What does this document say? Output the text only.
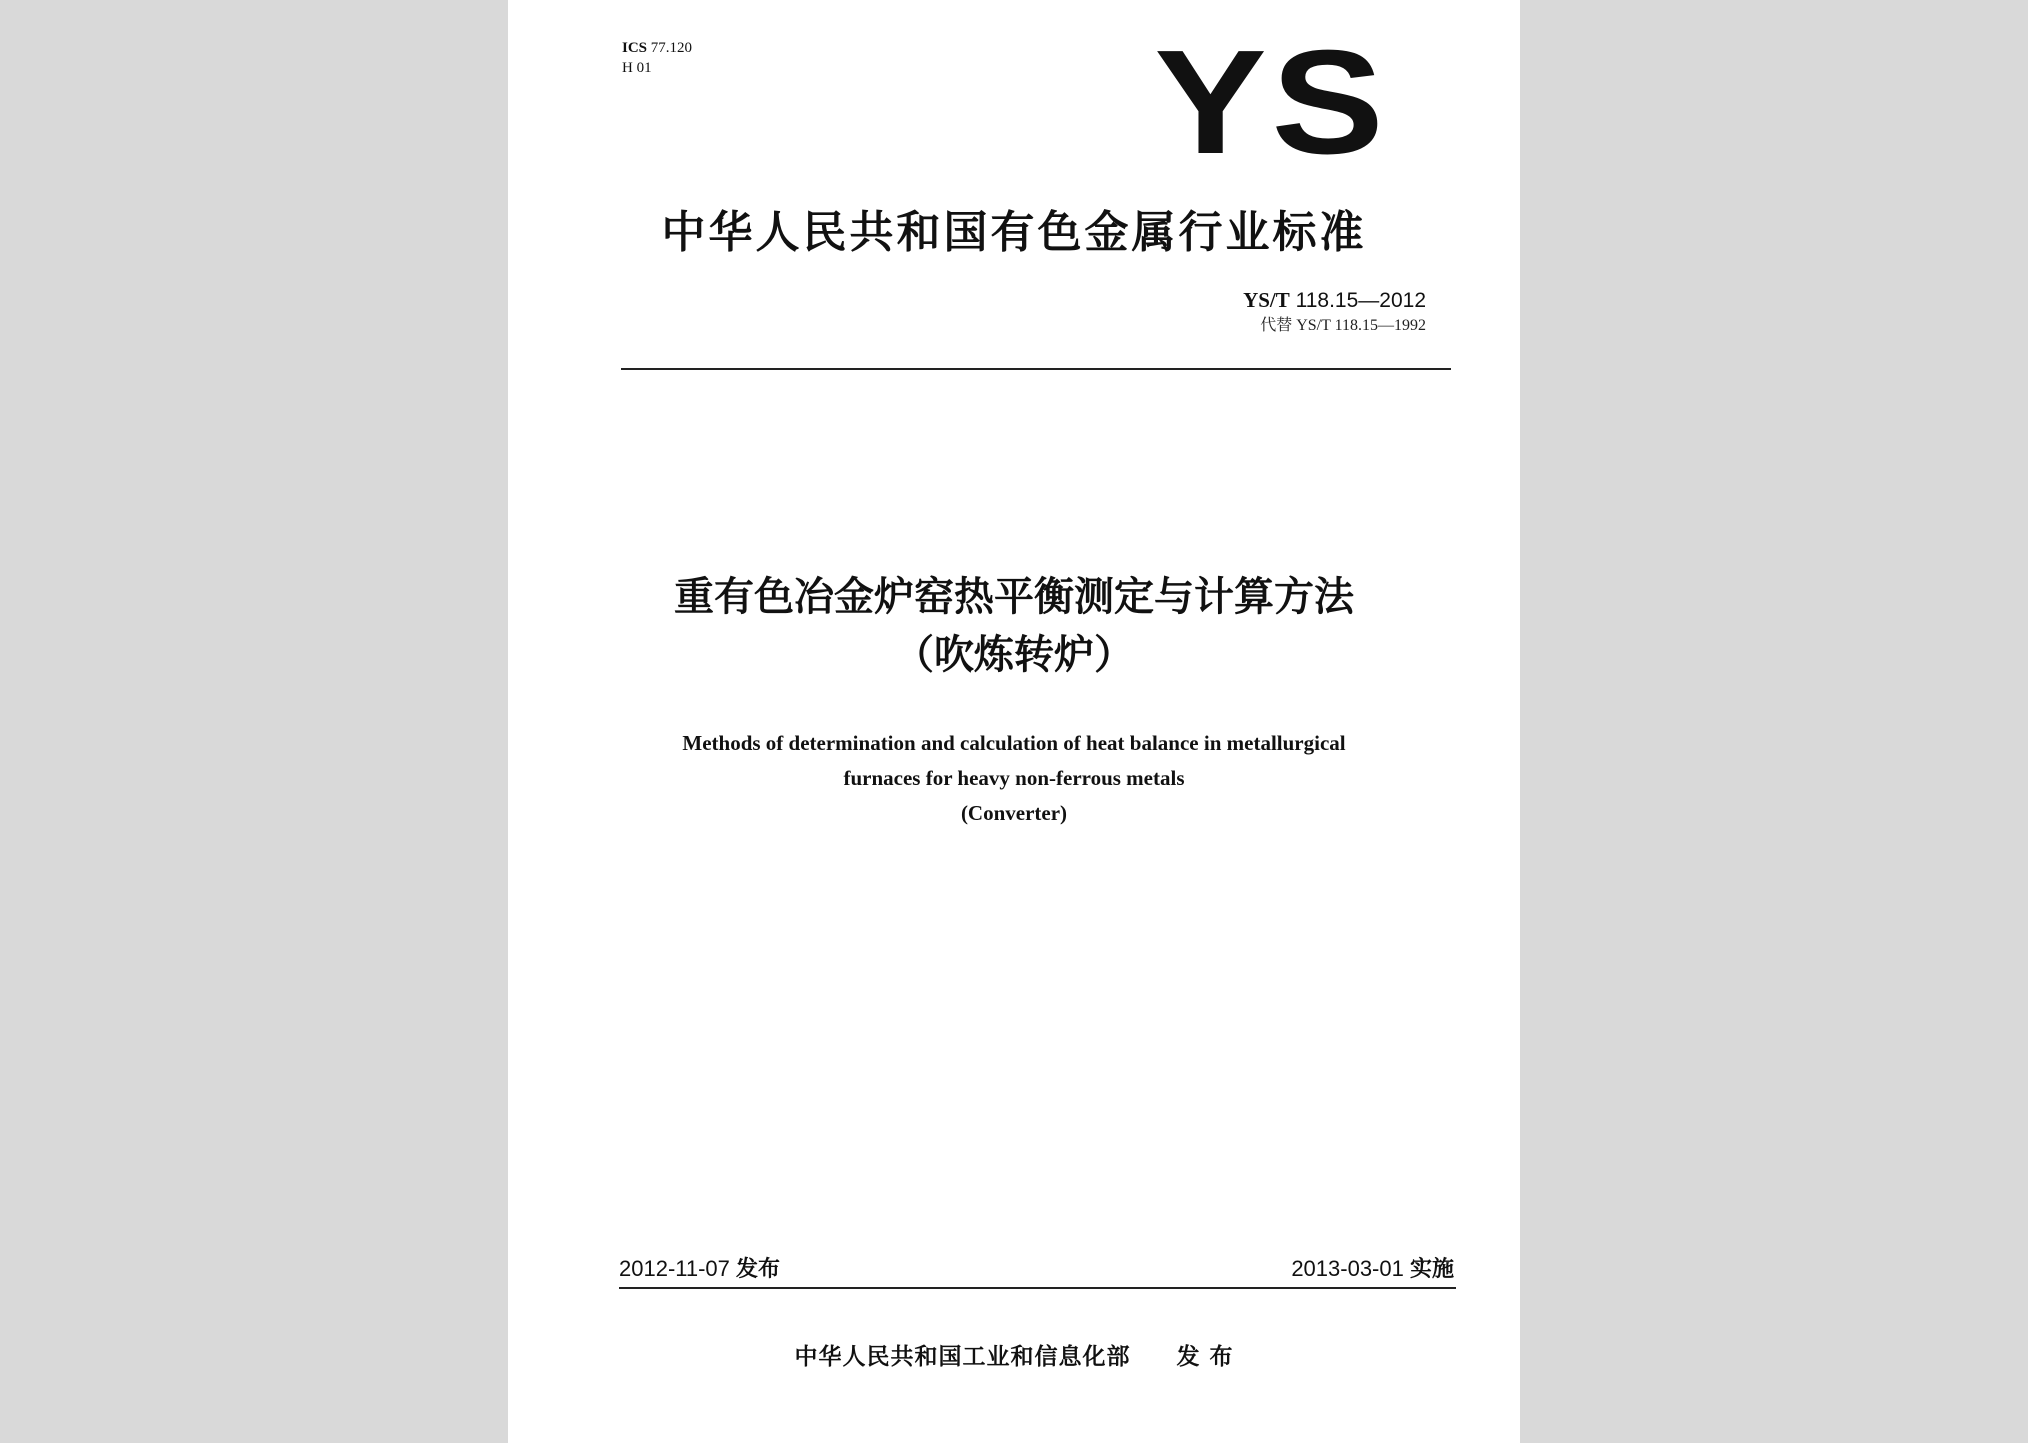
ICS 77.120
H 01	YS
中华人民共和国有色金属行业标准
YS/T 118.15—2012
代替 YS/T 118.15—1992
重有色冶金炉窑热平衡测定与计算方法
（吹炼转炉）
Methods of determination and calculation of heat balance in metallurgical
furnaces for heavy non-ferrous metals
(Converter)
2012-11-07 发布	2013-03-01 实施
中华人民共和国工业和信息化部 发 布
